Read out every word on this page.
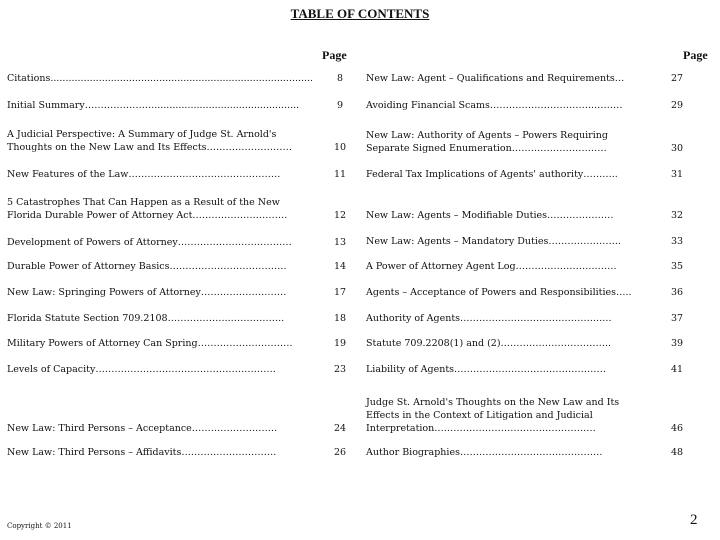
TABLE OF CONTENTS
Page	Page
Citations.......................................................................................	8
Initial Summary………………….................................................	9
A Judicial Perspective: A Summary of Judge St. Arnold's
Thoughts on the New Law and Its Effects………………………	10
New Features of the Law…………………………………………	11
5 Catastrophes That Can Happen as a Result of the New
Florida Durable Power of Attorney Act…………………………	12
Development of Powers of Attorney………………………………	13
Durable Power of Attorney Basics……………………………….	14
New Law: Springing Powers of Attorney………………………	17
Florida Statute Section 709.2108………………..……………..	18
Military Powers of Attorney Can Spring…………………………	19
Levels of Capacity…………………………………………………	23
New Law: Third Persons – Acceptance………………………	24
New Law: Third Persons – Affidavits…………………………	26
New Law: Agent – Qualifications and Requirements…	27
Avoiding Financial Scams…………….……………..………	29
New Law: Authority of Agents – Powers Requiring
Separate Signed Enumeration…………………………	30
Federal Tax Implications of Agents' authority………..	31
New Law: Agents – Modifiable Duties…………………	32
New Law: Agents – Mandatory Duties…………………..	33
A Power of Attorney Agent Log……………………..……	35
Agents – Acceptance of Powers and Responsibilities…..	36
Authority of Agents……………………………………...…	37
Statute 709.2208(1) and (2)……………………………..	39
Liability of Agents…………………………………………	41
Judge St. Arnold's Thoughts on the New Law and Its
Effects in the Context of Litigation and Judicial
Interpretation……………………………………………	46
Author Biographies………………………………………	48
Copyright © 2011	2
